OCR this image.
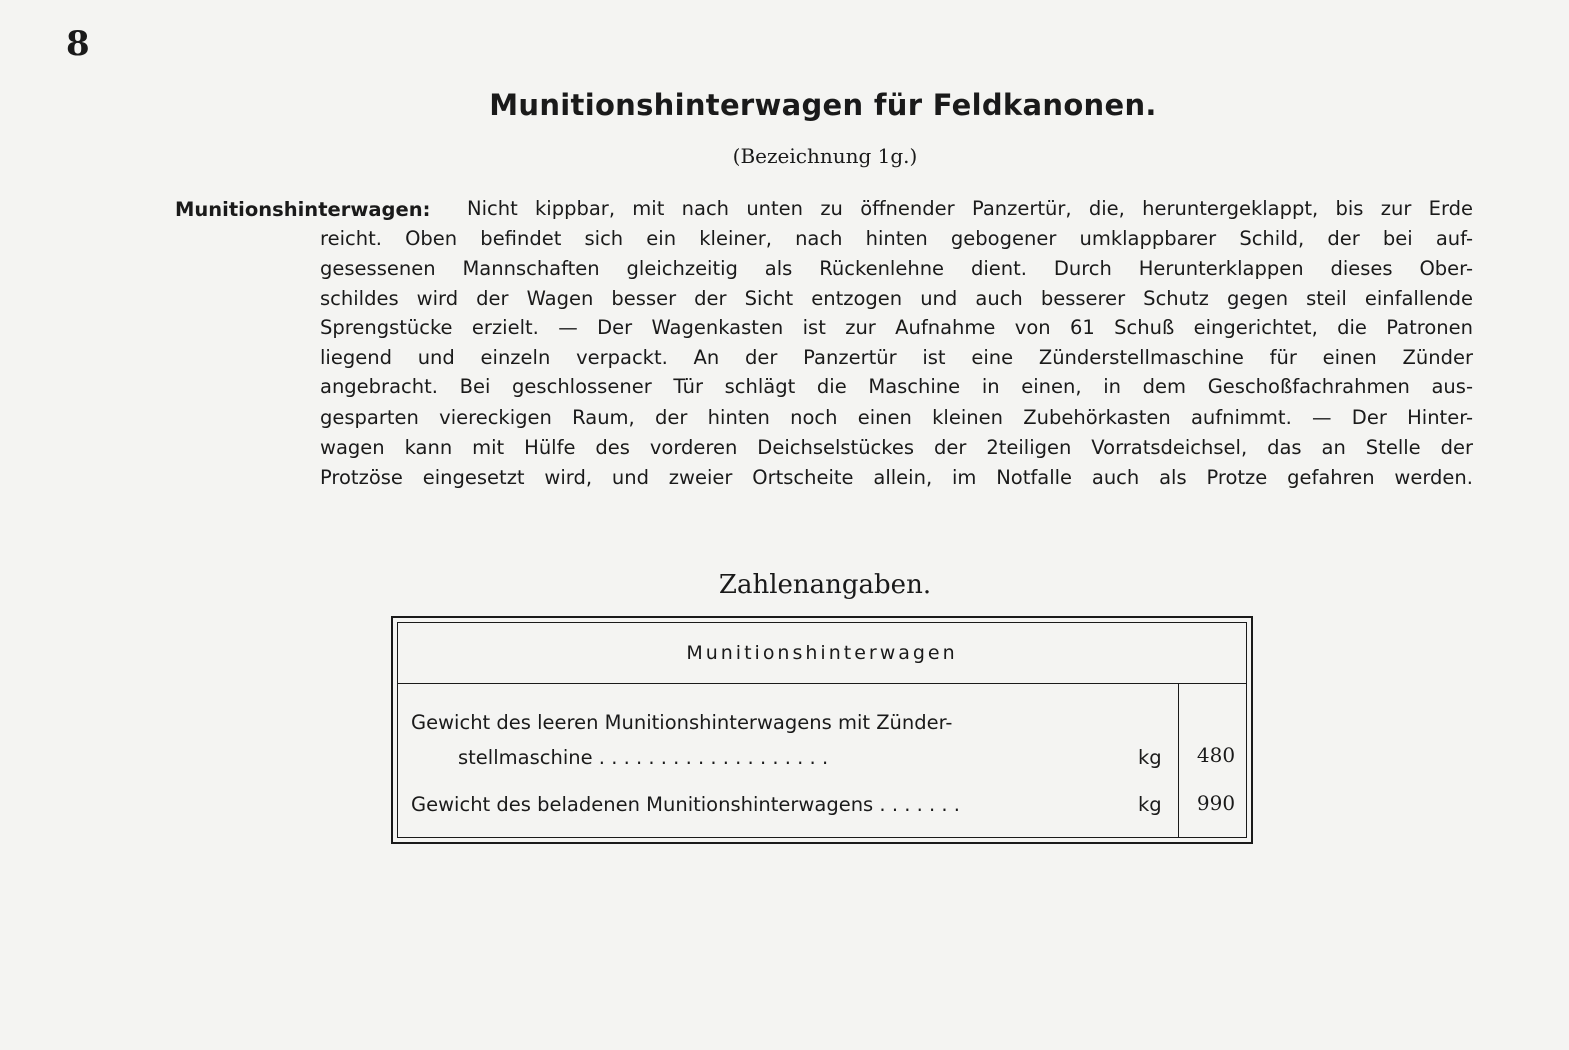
8
Munitionshinterwagen für Feldkanonen.
(Bezeichnung 1g.)
Munitionshinterwagen: Nicht kippbar, mit nach unten zu öffnender Panzertür, die, heruntergeklappt, bis zur Erde
reicht. Oben befindet sich ein kleiner, nach hinten gebogener umklappbarer Schild, der bei auf-
gesessenen Mannschaften gleichzeitig als Rückenlehne dient. Durch Herunterklappen dieses Ober-
schildes wird der Wagen besser der Sicht entzogen und auch besserer Schutz gegen steil einfallende
Sprengstücke erzielt. — Der Wagenkasten ist zur Aufnahme von 61 Schuß eingerichtet, die Patronen
liegend und einzeln verpackt. An der Panzertür ist eine Zünderstellmaschine für einen Zünder
angebracht. Bei geschlossener Tür schlägt die Maschine in einen, in dem Geschoßfachrahmen aus-
gesparten viereckigen Raum, der hinten noch einen kleinen Zubehörkasten aufnimmt. — Der Hinter-
wagen kann mit Hülfe des vorderen Deichselstückes der 2teiligen Vorratsdeichsel, das an Stelle der
Protzöse eingesetzt wird, und zweier Ortscheite allein, im Notfalle auch als Protze gefahren werden.
Zahlenangaben.
Munitionshinterwagen
Gewicht des leeren Munitionshinterwagens mit Zünder-
stellmaschine . . . . . . . . . . . . . . . . . . .	kg	480
Gewicht des beladenen Munitionshinterwagens . . . . . . .	kg	990
